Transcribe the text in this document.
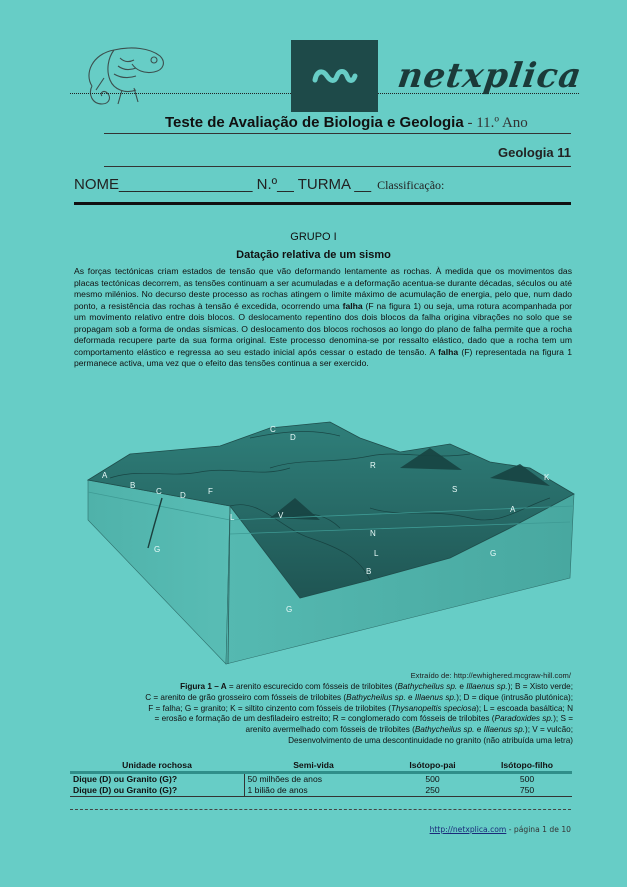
netxplica
Teste de Avaliação de Biologia e Geologia - 11.º Ano
Geologia 11
NOME________________ N.º__ TURMA __ Classificação:
GRUPO I
Datação relativa de um sismo

As forças tectónicas criam estados de tensão que vão deformando lentamente as rochas. À medida que os movimentos das placas tectónicas decorrem, as tensões continuam a ser acumuladas e a deformação acentua-se durante décadas, séculos ou até mesmo milénios. No decurso deste processo as rochas atingem o limite máximo de acumulação de energia, pelo que, num dado ponto, a resistência das rochas à tensão é excedida, ocorrendo uma falha (F na figura 1) ou seja, uma rotura acompanhada por um movimento relativo entre dois blocos. O deslocamento repentino dos dois blocos da falha origina vibrações no solo que se propagam sob a forma de ondas sísmicas. O deslocamento dos blocos rochosos ao longo do plano de falha permite que a rocha deformada recupere parte da sua forma original. Este processo denomina-se por ressalto elástico, dado que a rocha tem um comportamento elástico e regressa ao seu estado inicial após cessar o estado de tensão. A falha (F) representada na figura 1 permanece activa, uma vez que o efeito das tensões continua a ser exercido.

A
B
C D	F
G
C
D
L	V
R
N
L
B
A
K
G
G
S
Extraído de: http://ewhighered.mcgraw-hill.com/

Figura 1 – A = arenito escurecido com fósseis de trilobites (Bathycheilus sp. e Illaenus sp.); B = Xisto verde;
C = arenito de grão grosseiro com fósseis de trilobites (Bathycheilus sp. e Illaenus sp.); D = dique (intrusão plutónica);
F = falha; G = granito; K = siltito cinzento com fósseis de trilobites (Thysanopeltis speciosa); L = escoada basáltica; N
= erosão e formação de um desfiladeiro estreito; R = conglomerado com fósseis de trilobites (Paradoxides sp.); S =
arenito avermelhado com fósseis de trilobites (Bathycheilus sp. e Illaenus sp.); V = vulcão;
Desenvolvimento de uma descontinuidade no granito (não atribuída uma letra)

Unidade rochosa	Semi-vida	Isótopo-pai	Isótopo-filho
Dique (D) ou Granito (G)?	50 milhões de anos	500	500
Dique (D) ou Granito (G)?	1 bilião de anos	250	750
http://netxplica.com - página 1 de 10
